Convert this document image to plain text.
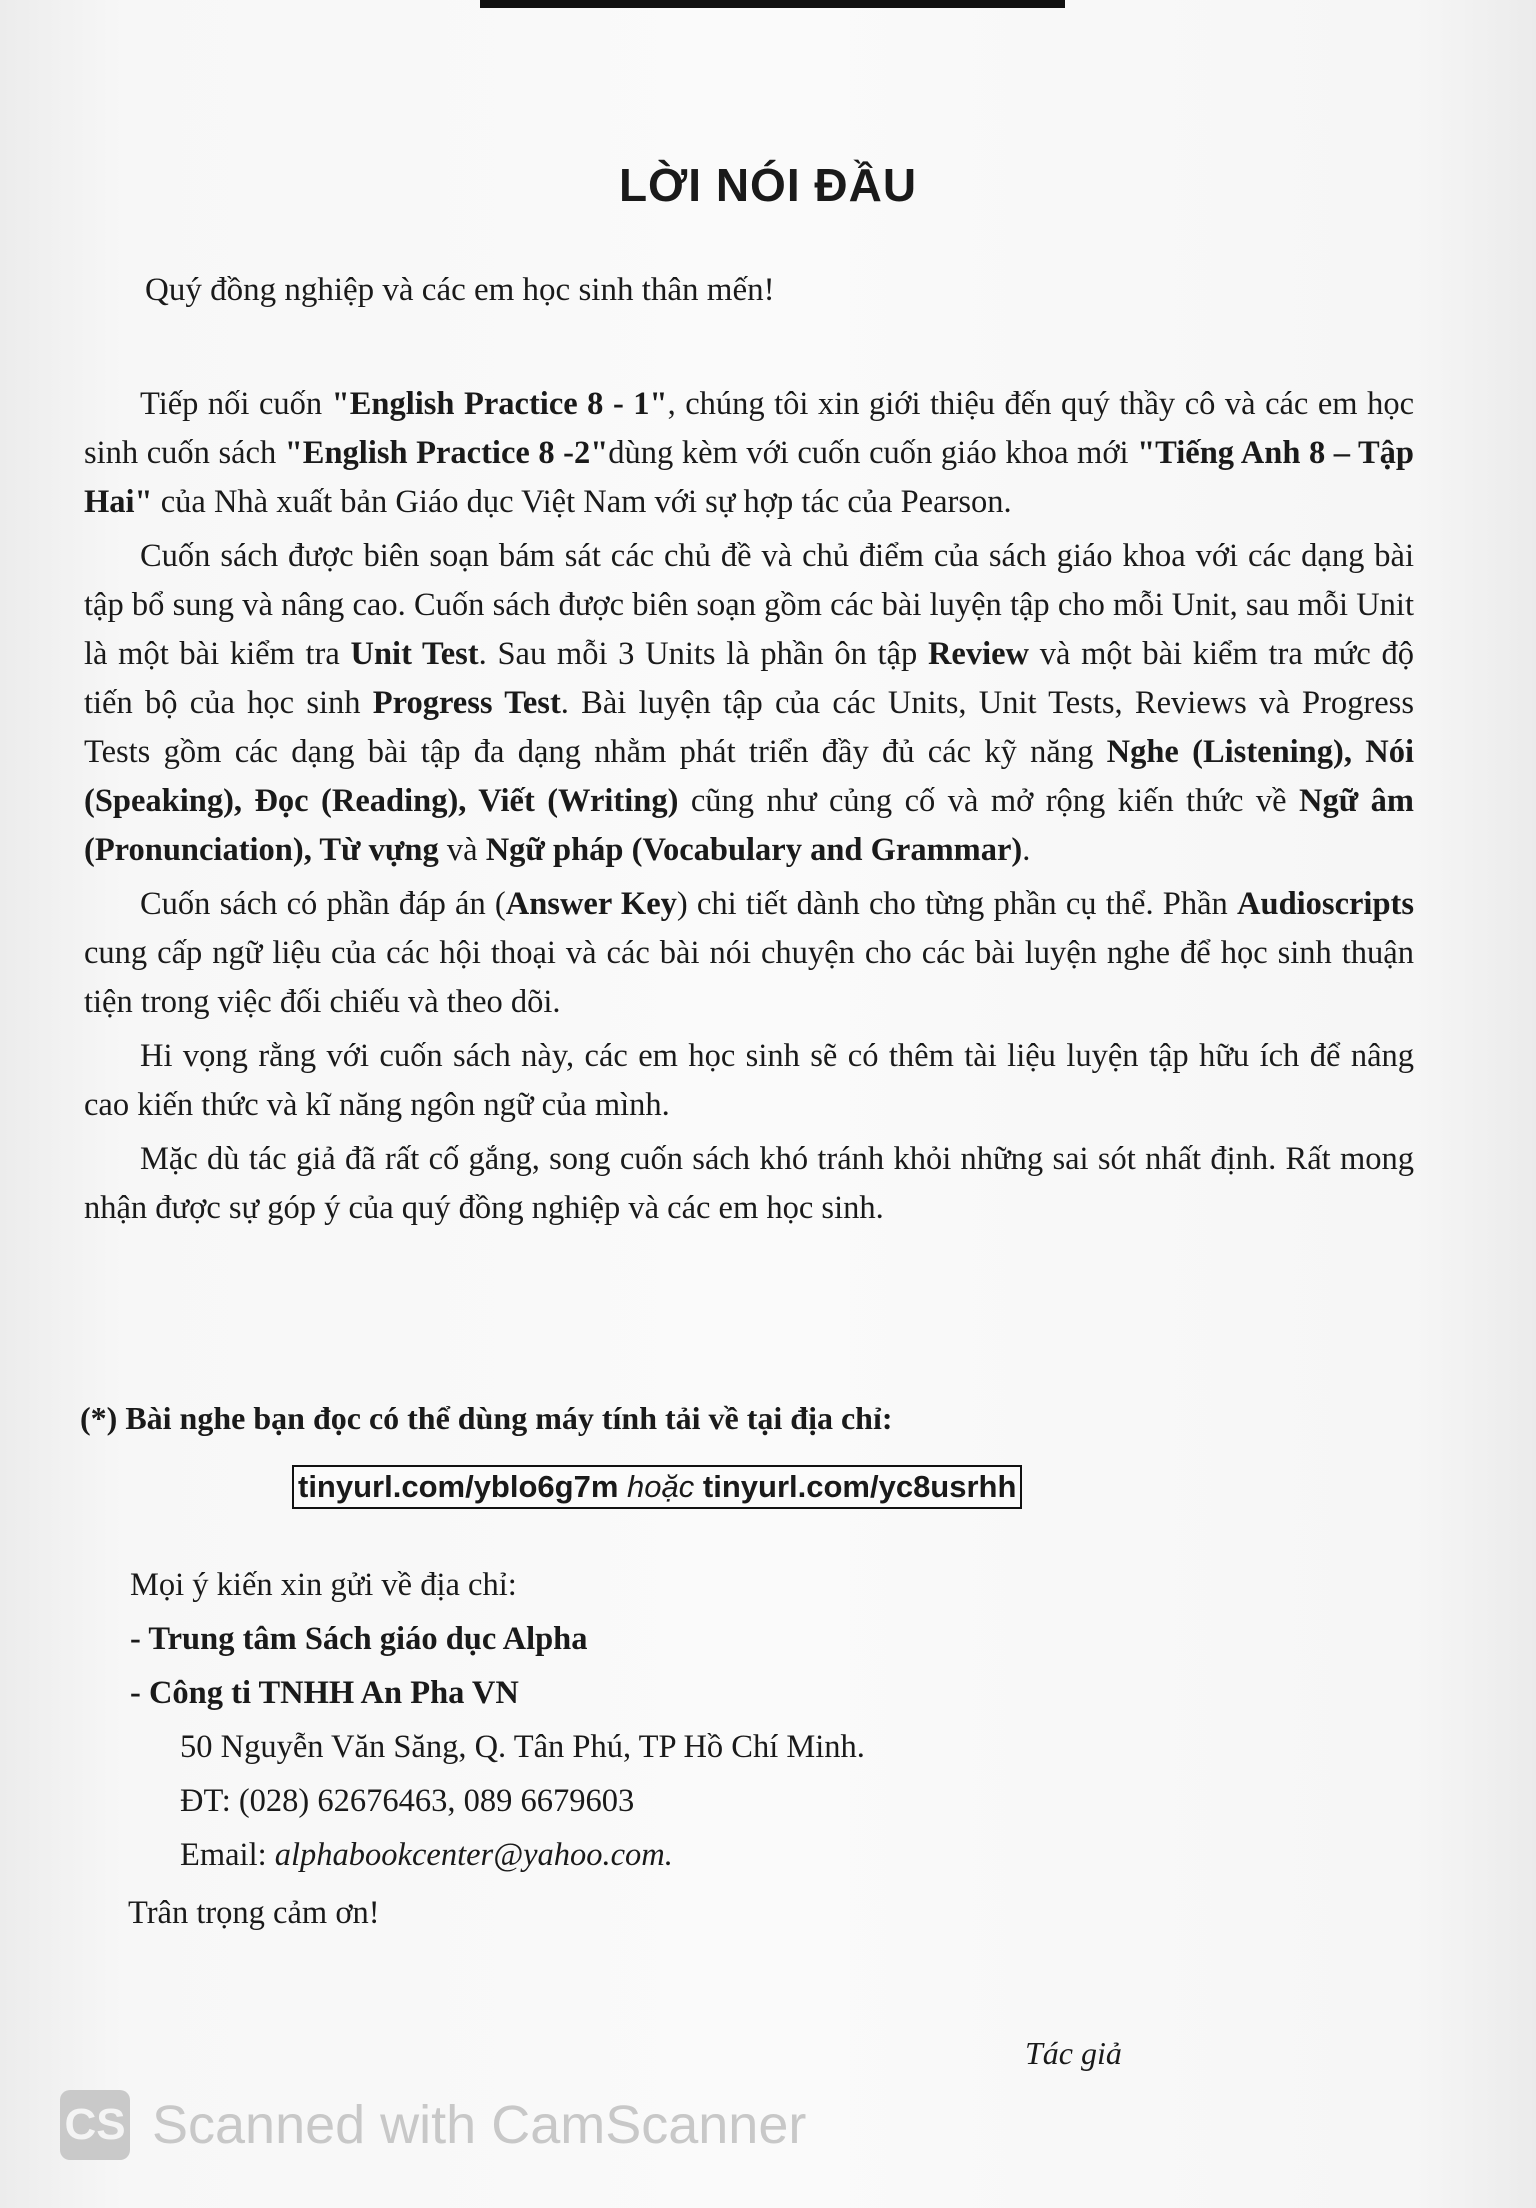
LỜI NÓI ĐẦU
Quý đồng nghiệp và các em học sinh thân mến!

Tiếp nối cuốn "English Practice 8 - 1", chúng tôi xin giới thiệu đến quý thầy cô và các em học sinh cuốn sách "English Practice 8 -2"dùng kèm với cuốn cuốn giáo khoa mới "Tiếng Anh 8 – Tập Hai" của Nhà xuất bản Giáo dục Việt Nam với sự hợp tác của Pearson.

Cuốn sách được biên soạn bám sát các chủ đề và chủ điểm của sách giáo khoa với các dạng bài tập bổ sung và nâng cao. Cuốn sách được biên soạn gồm các bài luyện tập cho mỗi Unit, sau mỗi Unit là một bài kiểm tra Unit Test. Sau mỗi 3 Units là phần ôn tập Review và một bài kiểm tra mức độ tiến bộ của học sinh Progress Test. Bài luyện tập của các Units, Unit Tests, Reviews và Progress Tests gồm các dạng bài tập đa dạng nhằm phát triển đầy đủ các kỹ năng Nghe (Listening), Nói (Speaking), Đọc (Reading), Viết (Writing) cũng như củng cố và mở rộng kiến thức về Ngữ âm (Pronunciation), Từ vựng và Ngữ pháp (Vocabulary and Grammar).

Cuốn sách có phần đáp án (Answer Key) chi tiết dành cho từng phần cụ thể. Phần Audioscripts cung cấp ngữ liệu của các hội thoại và các bài nói chuyện cho các bài luyện nghe để học sinh thuận tiện trong việc đối chiếu và theo dõi.

Hi vọng rằng với cuốn sách này, các em học sinh sẽ có thêm tài liệu luyện tập hữu ích để nâng cao kiến thức và kĩ năng ngôn ngữ của mình.

Mặc dù tác giả đã rất cố gắng, song cuốn sách khó tránh khỏi những sai sót nhất định. Rất mong nhận được sự góp ý của quý đồng nghiệp và các em học sinh.

(*) Bài nghe bạn đọc có thể dùng máy tính tải về tại địa chỉ:
tinyurl.com/yblo6g7m hoặc tinyurl.com/yc8usrhh
Mọi ý kiến xin gửi về địa chỉ:
- Trung tâm Sách giáo dục Alpha
- Công ti TNHH An Pha VN
50 Nguyễn Văn Săng, Q. Tân Phú, TP Hồ Chí Minh.
ĐT: (028) 62676463, 089 6679603
Email: alphabookcenter@yahoo.com.
Trân trọng cảm ơn!
Tác giả
CS Scanned with CamScanner
